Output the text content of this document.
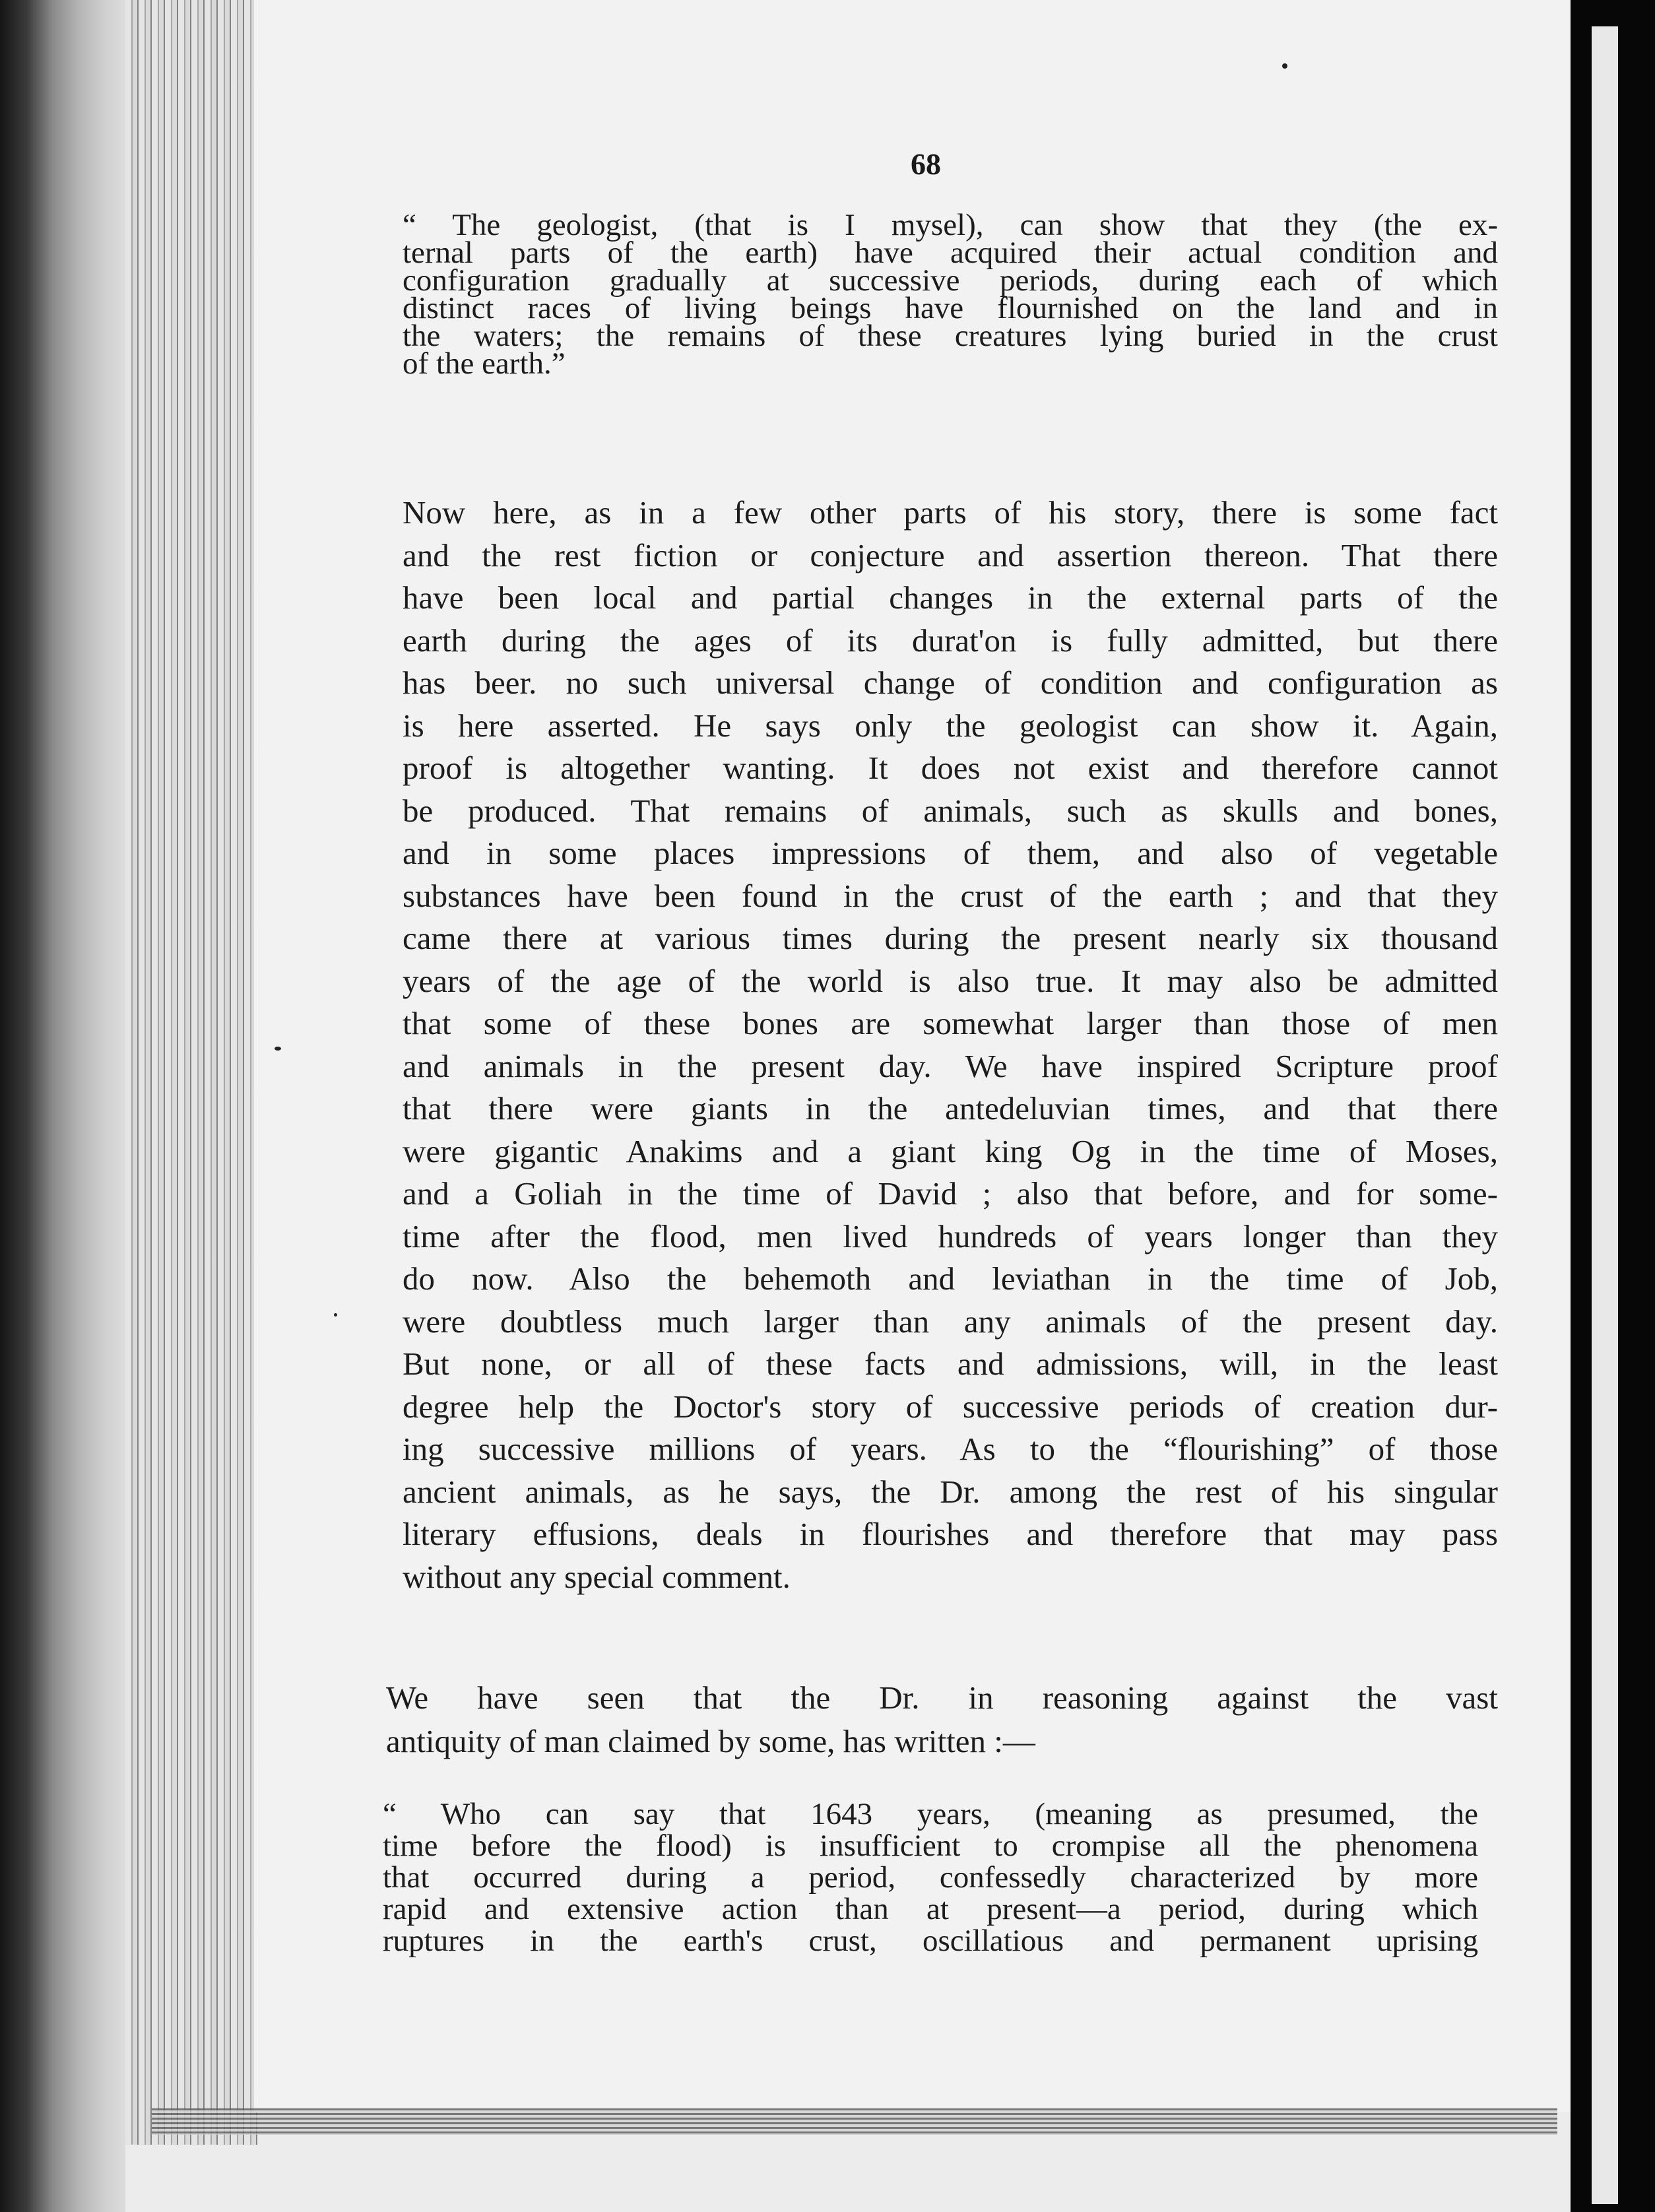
68
“ The geologist, (that is I mysel), can show that they (the ex-
ternal parts of the earth) have acquired their actual condition and
configuration gradually at successive periods, during each of which
distinct races of living beings have flournished on the land and in
the waters; the remains of these creatures lying buried in the crust
of the earth.”
Now here, as in a few other parts of his story, there is some fact
and the rest fiction or conjecture and assertion thereon. That there
have been local and partial changes in the external parts of the
earth during the ages of its durat'on is fully admitted, but there
has beer. no such universal change of condition and configuration as
is here asserted. He says only the geologist can show it. Again,
proof is altogether wanting. It does not exist and therefore cannot
be produced. That remains of animals, such as skulls and bones,
and in some places impressions of them, and also of vegetable
substances have been found in the crust of the earth ; and that they
came there at various times during the present nearly six thousand
years of the age of the world is also true. It may also be admitted
that some of these bones are somewhat larger than those of men
and animals in the present day. We have inspired Scripture proof
that there were giants in the antedeluvian times, and that there
were gigantic Anakims and a giant king Og in the time of Moses,
and a Goliah in the time of David ; also that before, and for some-
time after the flood, men lived hundreds of years longer than they
do now. Also the behemoth and leviathan in the time of Job,
were doubtless much larger than any animals of the present day.
But none, or all of these facts and admissions, will, in the least
degree help the Doctor's story of successive periods of creation dur-
ing successive millions of years. As to the “flourishing” of those
ancient animals, as he says, the Dr. among the rest of his singular
literary effusions, deals in flourishes and therefore that may pass
without any special comment.
We have seen that the Dr. in reasoning against the vast
antiquity of man claimed by some, has written :—
“ Who can say that 1643 years, (meaning as presumed, the
time before the flood) is insufficient to crompise all the phenomena
that occurred during a period, confessedly characterized by more
rapid and extensive action than at present—a period, during which
ruptures in the earth's crust, oscillatious and permanent uprising
